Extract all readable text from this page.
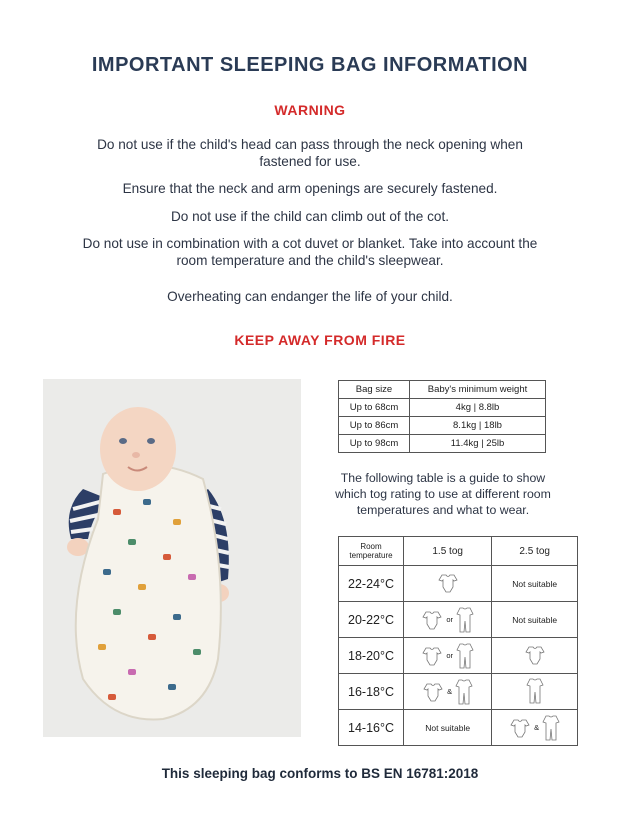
IMPORTANT SLEEPING BAG INFORMATION
WARNING
Do not use if the child's head can pass through the neck opening when fastened for use.
Ensure that the neck and arm openings are securely fastened.
Do not use if the child can climb out of the cot.
Do not use in combination with a cot duvet or blanket. Take into account the room temperature and the child's sleepwear.
Overheating can endanger the life of your child.
KEEP AWAY FROM FIRE
Bag size	Baby's minimum weight
Up to 68cm	4kg | 8.8lb
Up to 86cm	8.1kg | 18lb
Up to 98cm	11.4kg | 25lb
The following table is a guide to show which tog rating to use at different room temperatures and what to wear.
Room temperature	1.5 tog	2.5 tog
22-24°C		Not suitable
20-22°C	or	Not suitable
18-20°C	or

16-18°C	&

14-16°C	Not suitable	&
This sleeping bag conforms to BS EN 16781:2018
